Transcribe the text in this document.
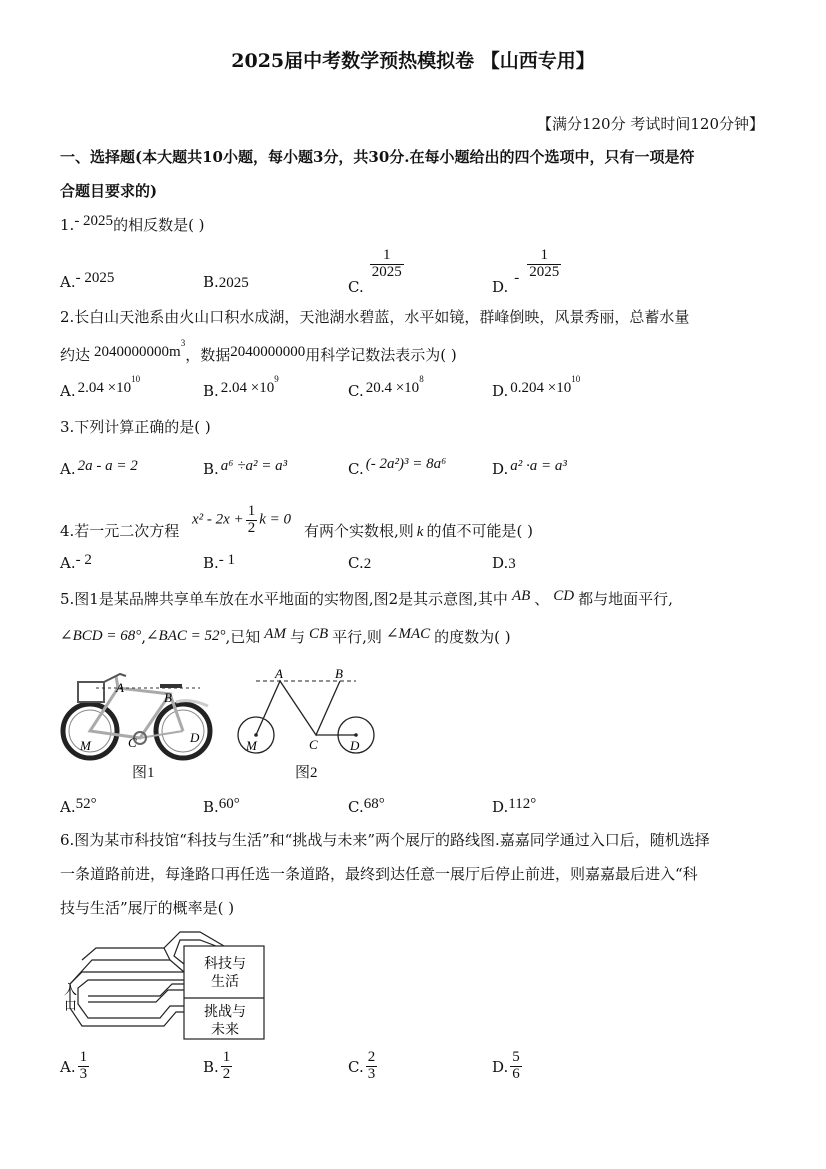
2025届中考数学预热模拟卷 【山西专用】
【满分120分 考试时间120分钟】
一、选择题(本大题共10小题，每小题3分，共30分.在每小题给出的四个选项中，只有一项是符
合题目要求的)
1.- 2025的相反数是( )
A.- 2025	B.2025	C.
$\frac{1}{2025}$
D. - $\frac{1}{2025}$
2.长白山天池系由火山口积水成湖，天池湖水碧蓝，水平如镜，群峰倒映，风景秀丽，总蓄水量
约达 $2040000000m^3$，数据2040000000用科学记数法表示为( )
A. $2.04 \times 10^{10}$
B. $2.04 \times 10^9$
C. $20.4 \times 10^8$
D. $0.204 \times 10^{10}$
3.下列计算正确的是( )
A. 2a - a = 2	B. a⁶ ÷a² = a³	C. (- 2a²)³ = 8a⁶	D. a² ·a = a³
4.若一元二次方程
$x^2 - 2x + \frac{1}{2}$ k = 0
有两个实数根,则 k 的值不可能是( )
A.- 2	B.- 1	C.2	D.3
5.图1是某品牌共享单车放在水平地面的实物图,图2是其示意图,其中 AB 、 CD 都与地面平行,
∠BCD = 68°,∠BAC = 52°,已知 AM 与 CB 平行,则 ∠MAC 的度数为( )
A
B
C	D
M
图1
A	B
C D
M
图2
A.52°	B.60°	C.68°	D.112°
6.图为某市科技馆“科技与生活”和“挑战与未来”两个展厅的路线图.嘉嘉同学通过入口后，随机选择
一条道路前进，每逢路口再任选一条道路，最终到达任意一展厅后停止前进，则嘉嘉最后进入“科
技与生活”展厅的概率是( )
入
口
科技与
生活
挑战与
未来
A. $\frac{1}{3}$	B. $\frac{1}{2}$	C. $\frac{2}{3}$	D. $\frac{5}{6}$
